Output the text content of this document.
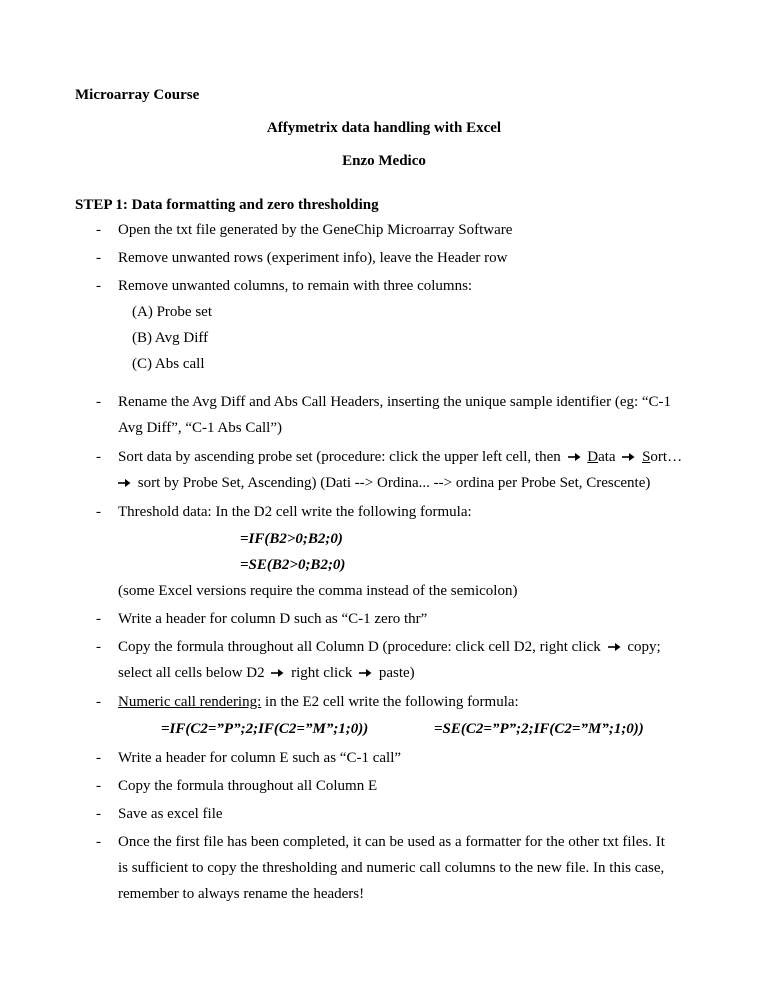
Microarray Course
Affymetrix data handling with Excel
Enzo Medico
STEP 1: Data formatting and zero thresholding
- Open the txt file generated by the GeneChip Microarray Software
- Remove unwanted rows (experiment info), leave the Header row
- Remove unwanted columns, to remain with three columns:
(A) Probe set
(B) Avg Diff
(C) Abs call
- Rename the Avg Diff and Abs Call Headers, inserting the unique sample identifier (eg: “C-1
Avg Diff”, “C-1 Abs Call”)
- Sort data by ascending probe set (procedure: click the upper left cell, then Data Sort…
sort by Probe Set, Ascending) (Dati --> Ordina... --> ordina per Probe Set, Crescente)
- Threshold data: In the D2 cell write the following formula:
=IF(B2>0;B2;0)
=SE(B2>0;B2;0)
(some Excel versions require the comma instead of the semicolon)
- Write a header for column D such as “C-1 zero thr”
- Copy the formula throughout all Column D (procedure: click cell D2, right click copy;
select all cells below D2 right click paste)
- Numeric call rendering: in the E2 cell write the following formula:
=IF(C2=”P”;2;IF(C2=”M”;1;0))	=SE(C2=”P”;2;IF(C2=”M”;1;0))
- Write a header for column E such as “C-1 call”
- Copy the formula throughout all Column E
- Save as excel file
- Once the first file has been completed, it can be used as a formatter for the other txt files. It
is sufficient to copy the thresholding and numeric call columns to the new file. In this case,
remember to always rename the headers!
